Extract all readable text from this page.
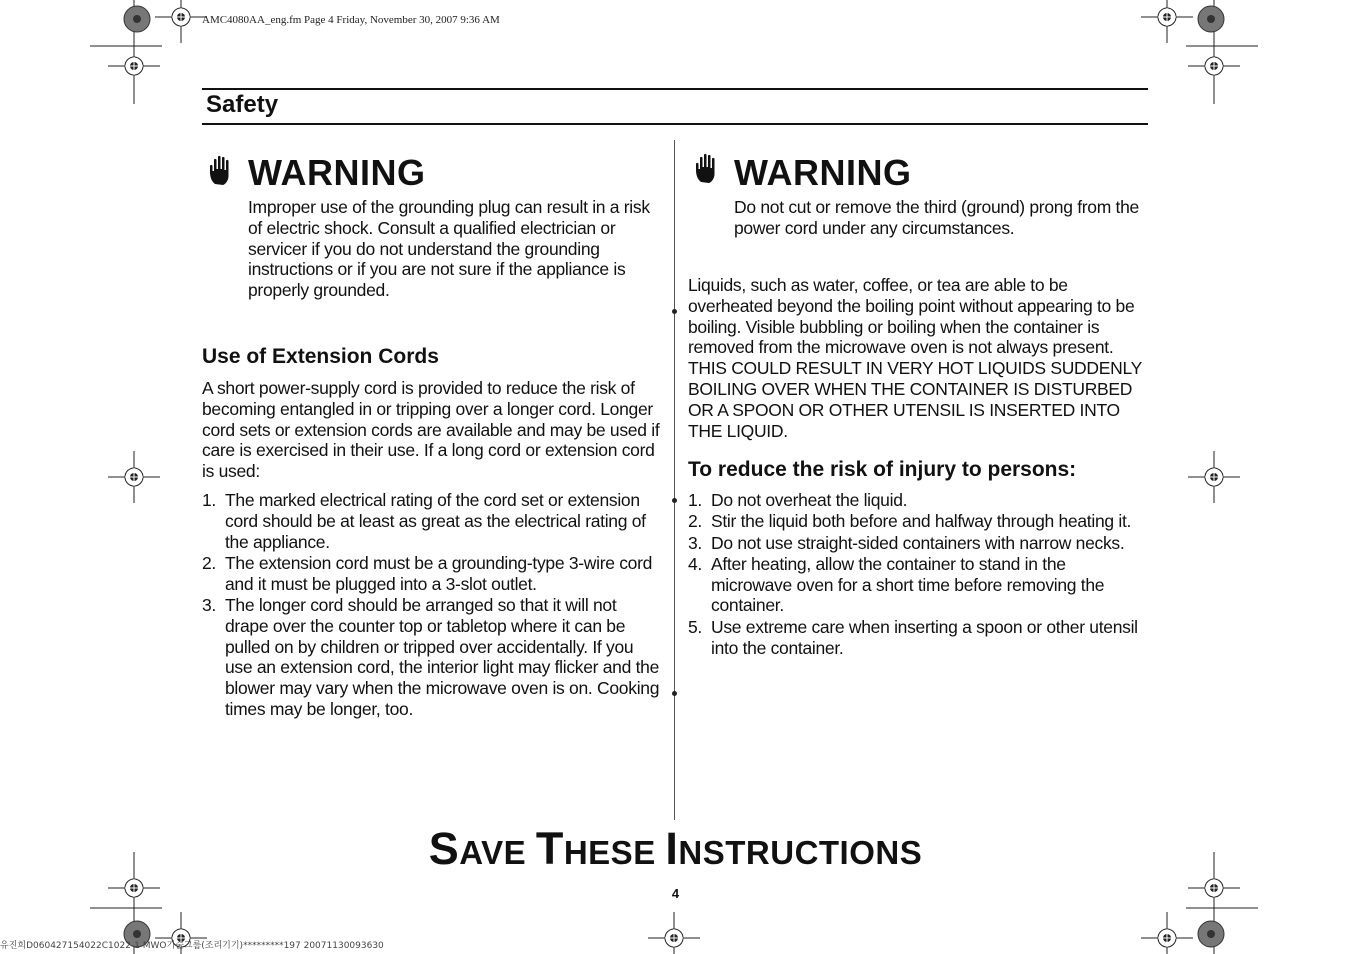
AMC4080AA_eng.fm Page 4 Friday, November 30, 2007 9:36 AM
유진희D060427154022C1022-1 MWO기술그룹(조리기기)*********197 20071130093630
Safety
WARNING
Improper use of the grounding plug can result in a risk of electric shock. Consult a qualified electrician or servicer if you do not understand the grounding instructions or if you are not sure if the appliance is properly grounded.
Use of Extension Cords
A short power-supply cord is provided to reduce the risk of becoming entangled in or tripping over a longer cord. Longer cord sets or extension cords are available and may be used if care is exercised in their use. If a long cord or extension cord is used:
1. The marked electrical rating of the cord set or extension cord should be at least as great as the electrical rating of the appliance.
2. The extension cord must be a grounding-type 3-wire cord and it must be plugged into a 3-slot outlet.
3. The longer cord should be arranged so that it will not drape over the counter top or tabletop where it can be pulled on by children or tripped over accidentally. If you use an extension cord, the interior light may flicker and the blower may vary when the microwave oven is on. Cooking times may be longer, too.
WARNING
Do not cut or remove the third (ground) prong from the power cord under any circumstances.
Liquids, such as water, coffee, or tea are able to be overheated beyond the boiling point without appearing to be boiling. Visible bubbling or boiling when the container is removed from the microwave oven is not always present. THIS COULD RESULT IN VERY HOT LIQUIDS SUDDENLY BOILING OVER WHEN THE CONTAINER IS DISTURBED OR A SPOON OR OTHER UTENSIL IS INSERTED INTO THE LIQUID.
To reduce the risk of injury to persons:
1. Do not overheat the liquid.
2. Stir the liquid both before and halfway through heating it.
3. Do not use straight-sided containers with narrow necks.
4. After heating, allow the container to stand in the microwave oven for a short time before removing the container.
5. Use extreme care when inserting a spoon or other utensil into the container.
SAVE THESE INSTRUCTIONS
4
